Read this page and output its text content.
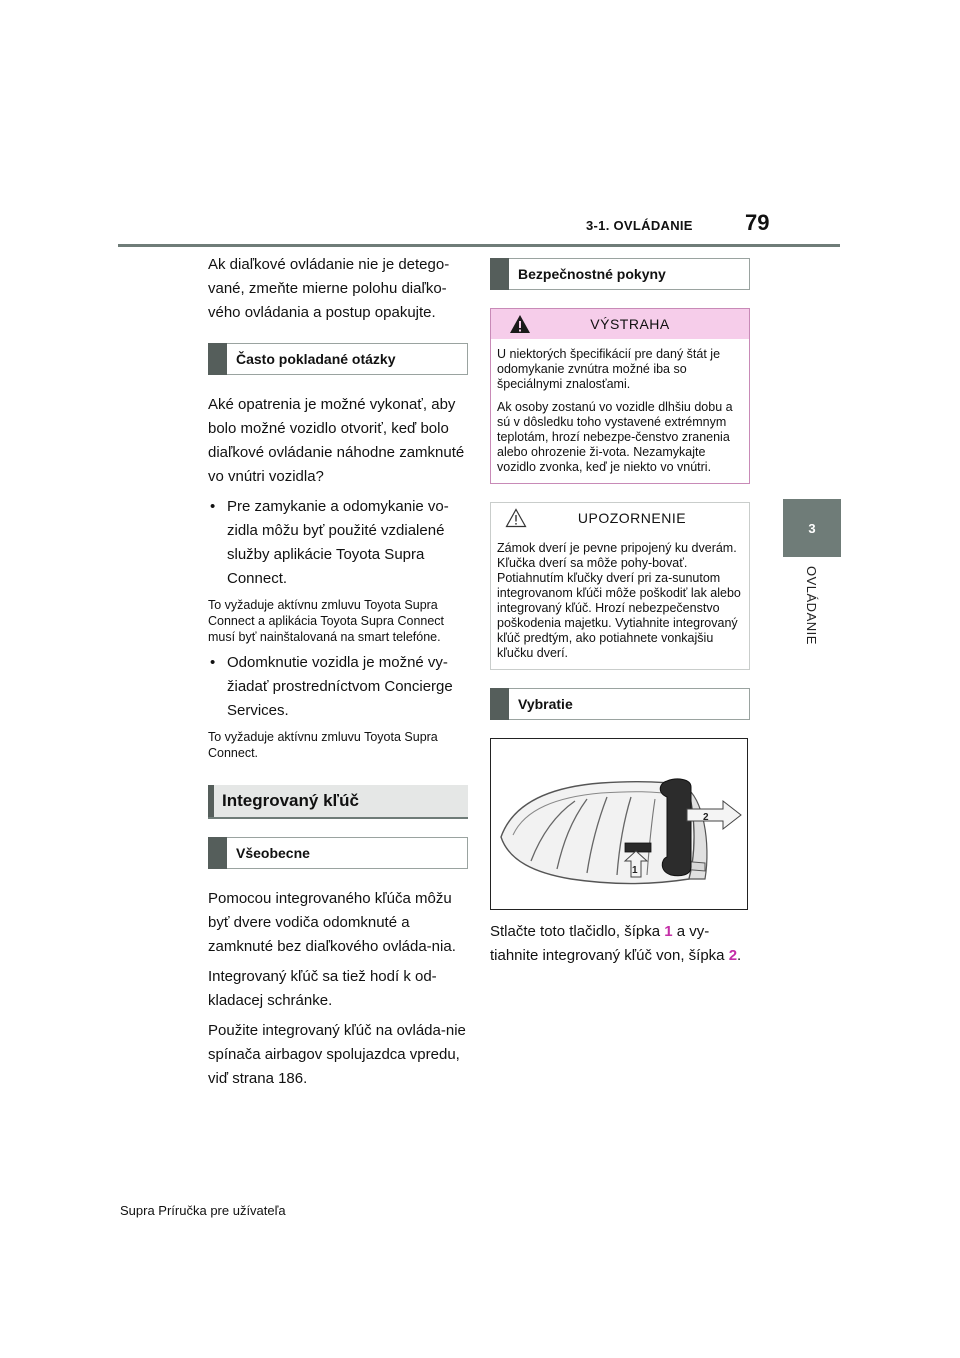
3-1. OVLÁDANIE 79
3
OVLÁDANIE

Ak diaľkové ovládanie nie je detego-vané, zmeňte mierne polohu diaľko-vého ovládania a postup opakujte.

Často pokladané otázky

Aké opatrenia je možné vykonať, aby bolo možné vozidlo otvoriť, keď bolo diaľkové ovládanie náhodne zamknuté vo vnútri vozidla?

• Pre zamykanie a odomykanie vo-zidla môžu byť použité vzdialené služby aplikácie Toyota Supra Connect.

To vyžaduje aktívnu zmluvu Toyota Supra Connect a aplikácia Toyota Supra Connect musí byť nainštalovaná na smart telefóne.

• Odomknutie vozidla je možné vy-žiadať prostredníctvom Concierge Services.

To vyžaduje aktívnu zmluvu Toyota Supra Connect.

Integrovaný kľúč
Všeobecne

Pomocou integrovaného kľúča môžu byť dvere vodiča odomknuté a zamknuté bez diaľkového ovláda-nia.

Integrovaný kľúč sa tiež hodí k od-kladacej schránke.

Použite integrovaný kľúč na ovláda-nie spínača airbagov spolujazdca vpredu, viď strana 186.

Bezpečnostné pokyny
VÝSTRAHA

U niektorých špecifikácií pre daný štát je odomykanie zvnútra možné iba so špeciálnymi znalosťami.

Ak osoby zostanú vo vozidle dlhšiu dobu a sú v dôsledku toho vystavené extrémnym teplotám, hrozí nebezpe-čenstvo zranenia alebo ohrozenie ži-vota. Nezamykajte vozidlo zvonka, keď je niekto vo vnútri.

UPOZORNENIE

Zámok dverí je pevne pripojený ku dverám. Kľučka dverí sa môže pohy-bovať. Potiahnutím kľučky dverí pri za-sunutom integrovanom kľúči môže poškodiť lak alebo integrovaný kľúč. Hrozí nebezpečenstvo poškodenia majetku. Vytiahnite integrovaný kľúč predtým, ako potiahnete vonkajšiu kľučku dverí.

Vybratie
2
1

Stlačte toto tlačidlo, šípka 1 a vy-tiahnite integrovaný kľúč von, šípka 2.

Supra Príručka pre užívateľa
